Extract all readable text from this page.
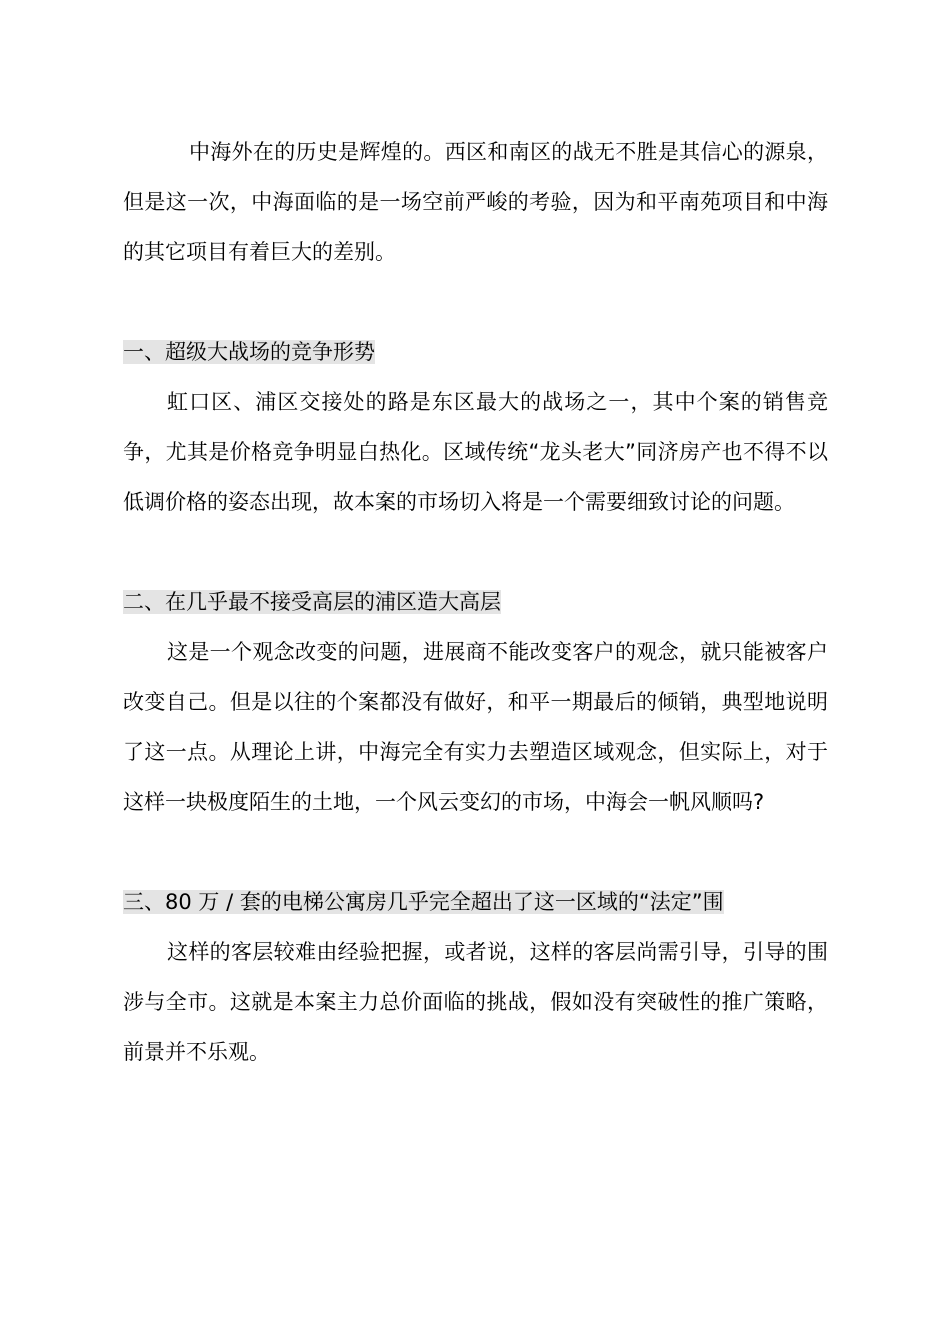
中海外在的历史是辉煌的。西区和南区的战无不胜是其信心的源泉，但是这一次，中海面临的是一场空前严峻的考验，因为和平南苑项目和中海的其它项目有着巨大的差别。

一、超级大战场的竞争形势

虹口区、浦区交接处的路是东区最大的战场之一，其中个案的销售竞争，尤其是价格竞争明显白热化。区域传统“龙头老大”同济房产也不得不以低调价格的姿态出现，故本案的市场切入将是一个需要细致讨论的问题。

二、在几乎最不接受高层的浦区造大高层

这是一个观念改变的问题，进展商不能改变客户的观念，就只能被客户改变自己。但是以往的个案都没有做好，和平一期最后的倾销，典型地说明了这一点。从理论上讲，中海完全有实力去塑造区域观念，但实际上，对于这样一块极度陌生的土地，一个风云变幻的市场，中海会一帆风顺吗?

三、80 万 / 套的电梯公寓房几乎完全超出了这一区域的“法定”围

这样的客层较难由经验把握，或者说，这样的客层尚需引导，引导的围涉与全市。这就是本案主力总价面临的挑战，假如没有突破性的推广策略，前景并不乐观。
